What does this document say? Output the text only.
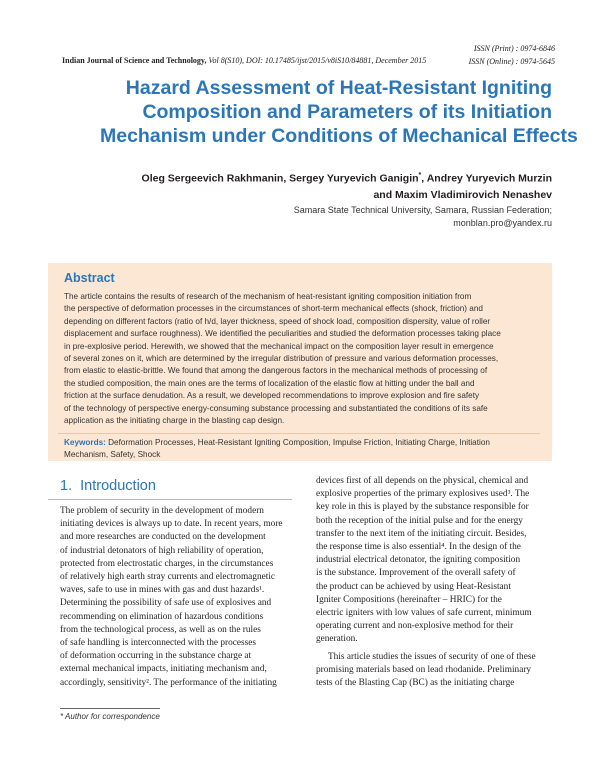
ISSN (Print) : 0974-6846
ISSN (Online) : 0974-5645
Indian Journal of Science and Technology, Vol 8(S10), DOI: 10.17485/ijst/2015/v8iS10/84881, December 2015
Hazard Assessment of Heat-Resistant Igniting
Composition and Parameters of its Initiation
Mechanism under Conditions of Mechanical Effects
Oleg Sergeevich Rakhmanin, Sergey Yuryevich Ganigin*, Andrey Yuryevich Murzin
and Maxim Vladimirovich Nenashev
Samara State Technical University, Samara, Russian Federation;
monblan.pro@yandex.ru
Abstract
The article contains the results of research of the mechanism of heat-resistant igniting composition initiation from
the perspective of deformation processes in the circumstances of short-term mechanical effects (shock, friction) and
depending on different factors (ratio of h/d, layer thickness, speed of shock load, composition dispersity, value of roller
displacement and surface roughness). We identified the peculiarities and studied the deformation processes taking place
in pre-explosive period. Herewith, we showed that the mechanical impact on the composition layer result in emergence
of several zones on it, which are determined by the irregular distribution of pressure and various deformation processes,
from elastic to elastic-brittle. We found that among the dangerous factors in the mechanical methods of processing of
the studied composition, the main ones are the terms of localization of the elastic flow at hitting under the ball and
friction at the surface denudation. As a result, we developed recommendations to improve explosion and fire safety
of the technology of perspective energy-consuming substance processing and substantiated the conditions of its safe
application as the initiating charge in the blasting cap design.
Keywords: Deformation Processes, Heat-Resistant Igniting Composition, Impulse Friction, Initiating Charge, Initiation
Mechanism, Safety, Shock
1. Introduction
The problem of security in the development of modern
initiating devices is always up to date. In recent years, more
and more researches are conducted on the development
of industrial detonators of high reliability of operation,
protected from electrostatic charges, in the circumstances
of relatively high earth stray currents and electromagnetic
waves, safe to use in mines with gas and dust hazards¹.
Determining the possibility of safe use of explosives and
recommending on elimination of hazardous conditions
from the technological process, as well as on the rules
of safe handling is interconnected with the processes
of deformation occurring in the substance charge at
external mechanical impacts, initiating mechanism and,
accordingly, sensitivity². The performance of the initiating
devices first of all depends on the physical, chemical and
explosive properties of the primary explosives used³. The
key role in this is played by the substance responsible for
both the reception of the initial pulse and for the energy
transfer to the next item of the initiating circuit. Besides,
the response time is also essential⁴. In the design of the
industrial electrical detonator, the igniting composition
is the substance. Improvement of the overall safety of
the product can be achieved by using Heat-Resistant
Igniter Compositions (hereinafter – HRIC) for the
electric igniters with low values of safe current, minimum
operating current and non-explosive method for their
generation.
This article studies the issues of security of one of these
promising materials based on lead rhodanide. Preliminary
tests of the Blasting Cap (BC) as the initiating charge
* Author for correspondence
